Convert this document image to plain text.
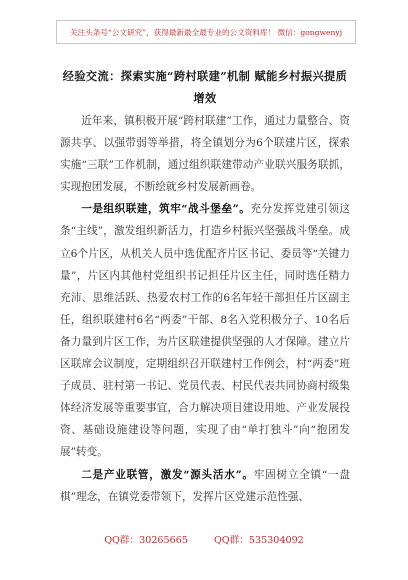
关注头条号“公文研究”，获得最新最全最专业的公文资料库！ 微信：gongwenyj
经验交流：探索实施“跨村联建”机制 赋能乡村振兴提质
增效

近年来，镇积极开展“跨村联建”工作，通过力量整合、资源共享、以强带弱等举措，将全镇划分为6个联建片区，探索实施“三联”工作机制，通过组织联建带动产业联兴服务联抓，实现抱团发展，不断绘就乡村发展新画卷。

一是组织联建，筑牢“战斗堡垒”。充分发挥党建引领这条“主线”，激发组织新活力，打造乡村振兴坚强战斗堡垒。成立6个片区，从机关人员中选优配齐片区书记、委员等“关键力量”，片区内其他村党组织书记担任片区主任，同时选任精力充沛、思维活跃、热爱农村工作的6名年轻干部担任片区副主任，组织联建村6名“两委”干部、8名入党积极分子、10名后备力量到片区工作，为片区联建提供坚强的人才保障。建立片区联席会议制度，定期组织召开联建村工作例会，村“两委”班子成员、驻村第一书记、党员代表、村民代表共同协商村级集体经济发展等重要事宜，合力解决项目建设用地、产业发展投资、基础设施建设等问题，实现了由“单打独斗”向“抱团发展”转变。

二是产业联管，激发“源头活水”。牢固树立全镇“一盘棋”理念，在镇党委带领下，发挥片区党建示范性强、

QQ群：30265665	QQ群：535304092
